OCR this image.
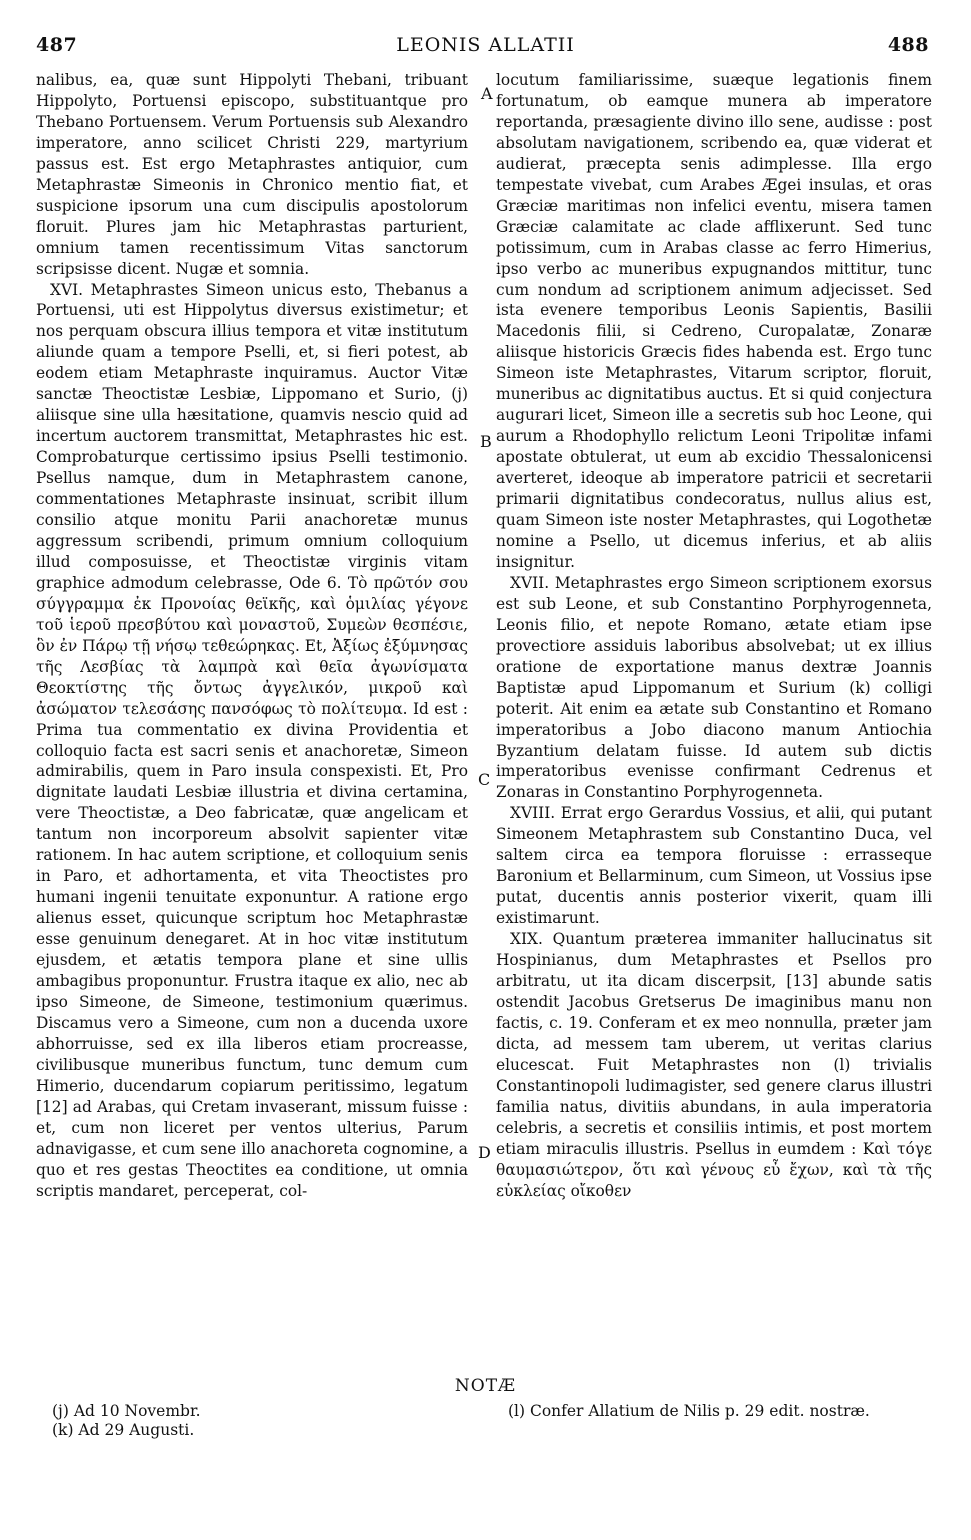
487	LEONIS ALLATII	488

nalibus, ea, quæ sunt Hippolyti Thebani, tribuant Hippolyto, Portuensi episcopo, substituantque pro Thebano Portuensem. Verum Portuensis sub Alexandro imperatore, anno scilicet Christi 229, martyrium passus est. Est ergo Metaphrastes antiquior, cum Metaphrastæ Simeonis in Chronico mentio fiat, et suspicione ipsorum una cum discipulis apostolorum floruit. Plures jam hic Metaphrastas parturient, omnium tamen recentissimum Vitas sanctorum scripsisse dicent. Nugæ et somnia.

XVI. Metaphrastes Simeon unicus esto, Thebanus a Portuensi, uti est Hippolytus diversus existimetur; et nos perquam obscura illius tempora et vitæ institutum aliunde quam a tempore Pselli, et, si fieri potest, ab eodem etiam Metaphraste inquiramus. Auctor Vitæ sanctæ Theoctistæ Lesbiæ, Lippomano et Surio, (j) aliisque sine ulla hæsitatione, quamvis nescio quid ad incertum auctorem transmittat, Metaphrastes hic est. Comprobaturque certissimo ipsius Pselli testimonio. Psellus namque, dum in Metaphrastem canone, commentationes Metaphraste insinuat, scribit illum consilio atque monitu Parii anachoretæ munus aggressum scribendi, primum omnium colloquium illud composuisse, et Theoctistæ virginis vitam graphice admodum celebrasse, Ode 6. Τὸ πρῶτόν σου σύγγραμμα ἐκ Προνοίας θεϊκῆς, καὶ ὁμιλίας γέγονε τοῦ ἱεροῦ πρεσβύτου καὶ μοναστοῦ, Συμεὼν θεσπέσιε, ὃν ἐν Πάρῳ τῇ νήσῳ τεθεώρηκας. Et, Ἀξίως ἐξύμνησας τῆς Λεσβίας τὰ λαμπρὰ καὶ θεῖα ἀγωνίσματα Θεοκτίστης τῆς ὄντως ἀγγελικόν, μικροῦ καὶ ἀσώματον τελεσάσης πανσόφως τὸ πολίτευμα. Id est : Prima tua commentatio ex divina Providentia et colloquio facta est sacri senis et anachoretæ, Simeon admirabilis, quem in Paro insula conspexisti. Et, Pro dignitate laudati Lesbiæ illustria et divina certamina, vere Theoctistæ, a Deo fabricatæ, quæ angelicam et tantum non incorporeum absolvit sapienter vitæ rationem. In hac autem scriptione, et colloquium senis in Paro, et adhortamenta, et vita Theoctistes pro humani ingenii tenuitate exponuntur. A ratione ergo alienus esset, quicunque scriptum hoc Metaphrastæ esse genuinum denegaret. At in hoc vitæ institutum ejusdem, et ætatis tempora plane et sine ullis ambagibus proponuntur. Frustra itaque ex alio, nec ab ipso Simeone, de Simeone, testimonium quærimus. Discamus vero a Simeone, cum non a ducenda uxore abhorruisse, sed ex illa liberos etiam procreasse, civilibusque muneribus functum, tunc demum cum Himerio, ducendarum copiarum peritissimo, legatum [12] ad Arabas, qui Cretam invaserant, missum fuisse : et, cum non liceret per ventos ulterius, Parum adnavigasse, et cum sene illo anachoreta cognomine, a quo et res gestas Theoctites ea conditione, ut omnia scriptis mandaret, perceperat, col-

A
B
C
D

locutum familiarissime, suæque legationis finem fortunatum, ob eamque munera ab imperatore reportanda, præsagiente divino illo sene, audisse : post absolutam navigationem, scribendo ea, quæ viderat et audierat, præcepta senis adimplesse. Illa ergo tempestate vivebat, cum Arabes Ægei insulas, et oras Græciæ maritimas non infelici eventu, misera tamen Græciæ calamitate ac clade afflixerunt. Sed tunc potissimum, cum in Arabas classe ac ferro Himerius, ipso verbo ac muneribus expugnandos mittitur, tunc cum nondum ad scriptionem animum adjecisset. Sed ista evenere temporibus Leonis Sapientis, Basilii Macedonis filii, si Cedreno, Curopalatæ, Zonaræ aliisque historicis Græcis fides habenda est. Ergo tunc Simeon iste Metaphrastes, Vitarum scriptor, floruit, muneribus ac dignitatibus auctus. Et si quid conjectura augurari licet, Simeon ille a secretis sub hoc Leone, qui aurum a Rhodophyllo relictum Leoni Tripolitæ infami apostate obtulerat, ut eum ab excidio Thessalonicensi averteret, ideoque ab imperatore patricii et secretarii primarii dignitatibus condecoratus, nullus alius est, quam Simeon iste noster Metaphrastes, qui Logothetæ nomine a Psello, ut dicemus inferius, et ab aliis insignitur.

XVII. Metaphrastes ergo Simeon scriptionem exorsus est sub Leone, et sub Constantino Porphyrogenneta, Leonis filio, et nepote Romano, ætate etiam ipse provectiore assiduis laboribus absolvebat; ut ex illius oratione de exportatione manus dextræ Joannis Baptistæ apud Lippomanum et Surium (k) colligi poterit. Ait enim ea ætate sub Constantino et Romano imperatoribus a Jobo diacono manum Antiochia Byzantium delatam fuisse. Id autem sub dictis imperatoribus evenisse confirmant Cedrenus et Zonaras in Constantino Porphyrogenneta.

XVIII. Errat ergo Gerardus Vossius, et alii, qui putant Simeonem Metaphrastem sub Constantino Duca, vel saltem circa ea tempora floruisse : errasseque Baronium et Bellarminum, cum Simeon, ut Vossius ipse putat, ducentis annis posterior vixerit, quam illi existimarunt.

XIX. Quantum præterea immaniter hallucinatus sit Hospinianus, dum Metaphrastes et Psellos pro arbitratu, ut ita dicam discerpsit, [13] abunde satis ostendit Jacobus Gretserus De imaginibus manu non factis, c. 19. Conferam et ex meo nonnulla, præter jam dicta, ad messem tam uberem, ut veritas clarius elucescat. Fuit Metaphrastes non (l) trivialis Constantinopoli ludimagister, sed genere clarus illustri familia natus, divitiis abundans, in aula imperatoria celebris, a secretis et consiliis intimis, et post mortem etiam miraculis illustris. Psellus in eumdem : Καὶ τόγε θαυμασιώτερον, ὅτι καὶ γένους εὖ ἔχων, καὶ τὰ τῆς εὐκλείας οἴκοθεν

NOTÆ
(j) Ad 10 Novembr.
(k) Ad 29 Augusti.
(l) Confer Allatium de Nilis p. 29 edit. nostræ.
